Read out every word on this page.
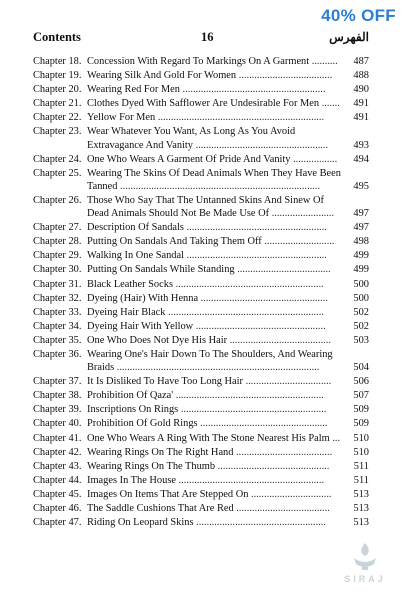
40% OFF
Contents	16	الفهرس
Chapter 18. Concession With Regard To Markings On A Garment .......... 487
Chapter 19. Wearing Silk And Gold For Women .................................... 488
Chapter 20. Wearing Red For Men .......................................................	490
Chapter 21. Clothes Dyed With Safflower Are Undesirable For Men ....... 491
Chapter 22. Yellow For Men ................................................................	491
Chapter 23. Wear Whatever You Want, As Long As You Avoid Extravagance And Vanity ................................................... 493
Chapter 24. One Who Wears A Garment Of Pride And Vanity ................. 494
Chapter 25. Wearing The Skins Of Dead Animals When They Have Been Tanned .............................................................................	495
Chapter 26. Those Who Say That The Untanned Skins And Sinew Of Dead Animals Should Not Be Made Use Of ........................ 497
Chapter 27. Description Of Sandals ......................................................	497
Chapter 28. Putting On Sandals And Taking Them Off ........................... 498
Chapter 29. Walking In One Sandal ......................................................	499
Chapter 30. Putting On Sandals While Standing .................................... 499
Chapter 31. Black Leather Socks .........................................................	500
Chapter 32. Dyeing (Hair) With Henna ................................................. 500
Chapter 33. Dyeing Hair Black ............................................................	502
Chapter 34. Dyeing Hair With Yellow ..................................................	502
Chapter 35. One Who Does Not Dye His Hair ....................................... 503
Chapter 36. Wearing One's Hair Down To The Shoulders, And Wearing Braids ..............................................................................	504
Chapter 37. It Is Disliked To Have Too Long Hair ................................. 506
Chapter 38. Prohibition Of Qaza' .........................................................	507
Chapter 39. Inscriptions On Rings ........................................................	509
Chapter 40. Prohibition Of Gold Rings ................................................. 509
Chapter 41. One Who Wears A Ring With The Stone Nearest His Palm ... 510
Chapter 42. Wearing Rings On The Right Hand ..................................... 510
Chapter 43. Wearing Rings On The Thumb ........................................... 511
Chapter 44. Images In The House ........................................................	511
Chapter 45. Images On Items That Are Stepped On ............................... 513
Chapter 46. The Saddle Cushions That Are Red .................................... 513
Chapter 47. Riding On Leopard Skins ..................................................	513
SIRAJ
